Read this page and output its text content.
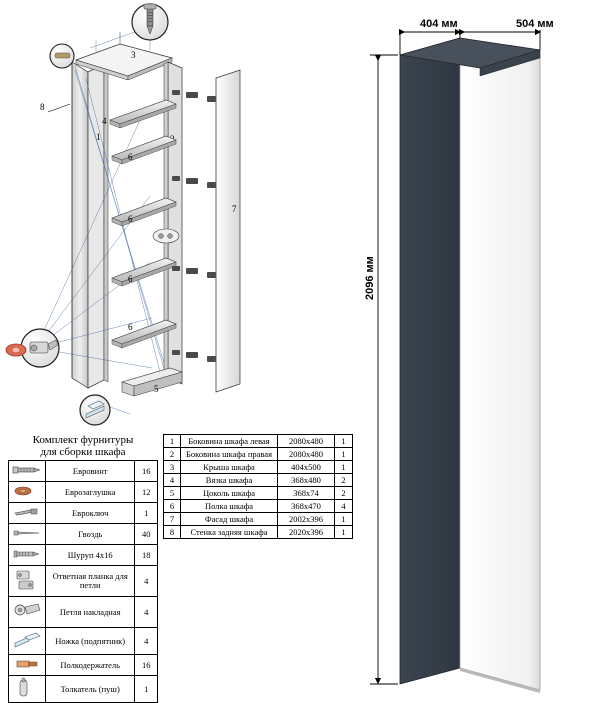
8
1
3
4
6
6
6
6
5
7
Комплект фурнитуры
для сборки шкафа
	Евровинт	16
	Еврозаглушка	12
	Евроключ	1
	Гвоздь	40
	Шуруп 4х16	18
	Ответная планка для петли	4
	Петля накладная	4
	Ножка (подпятник)	4
	Полкодержатель	16
	Толкатель (пуш)	1
1	Боковина шкафа левая	2080х480	1
2	Боковина шкафа правая	2080х480	1
3	Крыша шкафа	404х500	1
4	Вязка шкафа	368х480	2
5	Цоколь шкафа	368х74	2
6	Полка шкафа	368х470	4
7	Фасад шкафа	2002х396	1
8	Стенка задняя шкафа	2020х396	1
404 мм	504 мм
2096 мм
